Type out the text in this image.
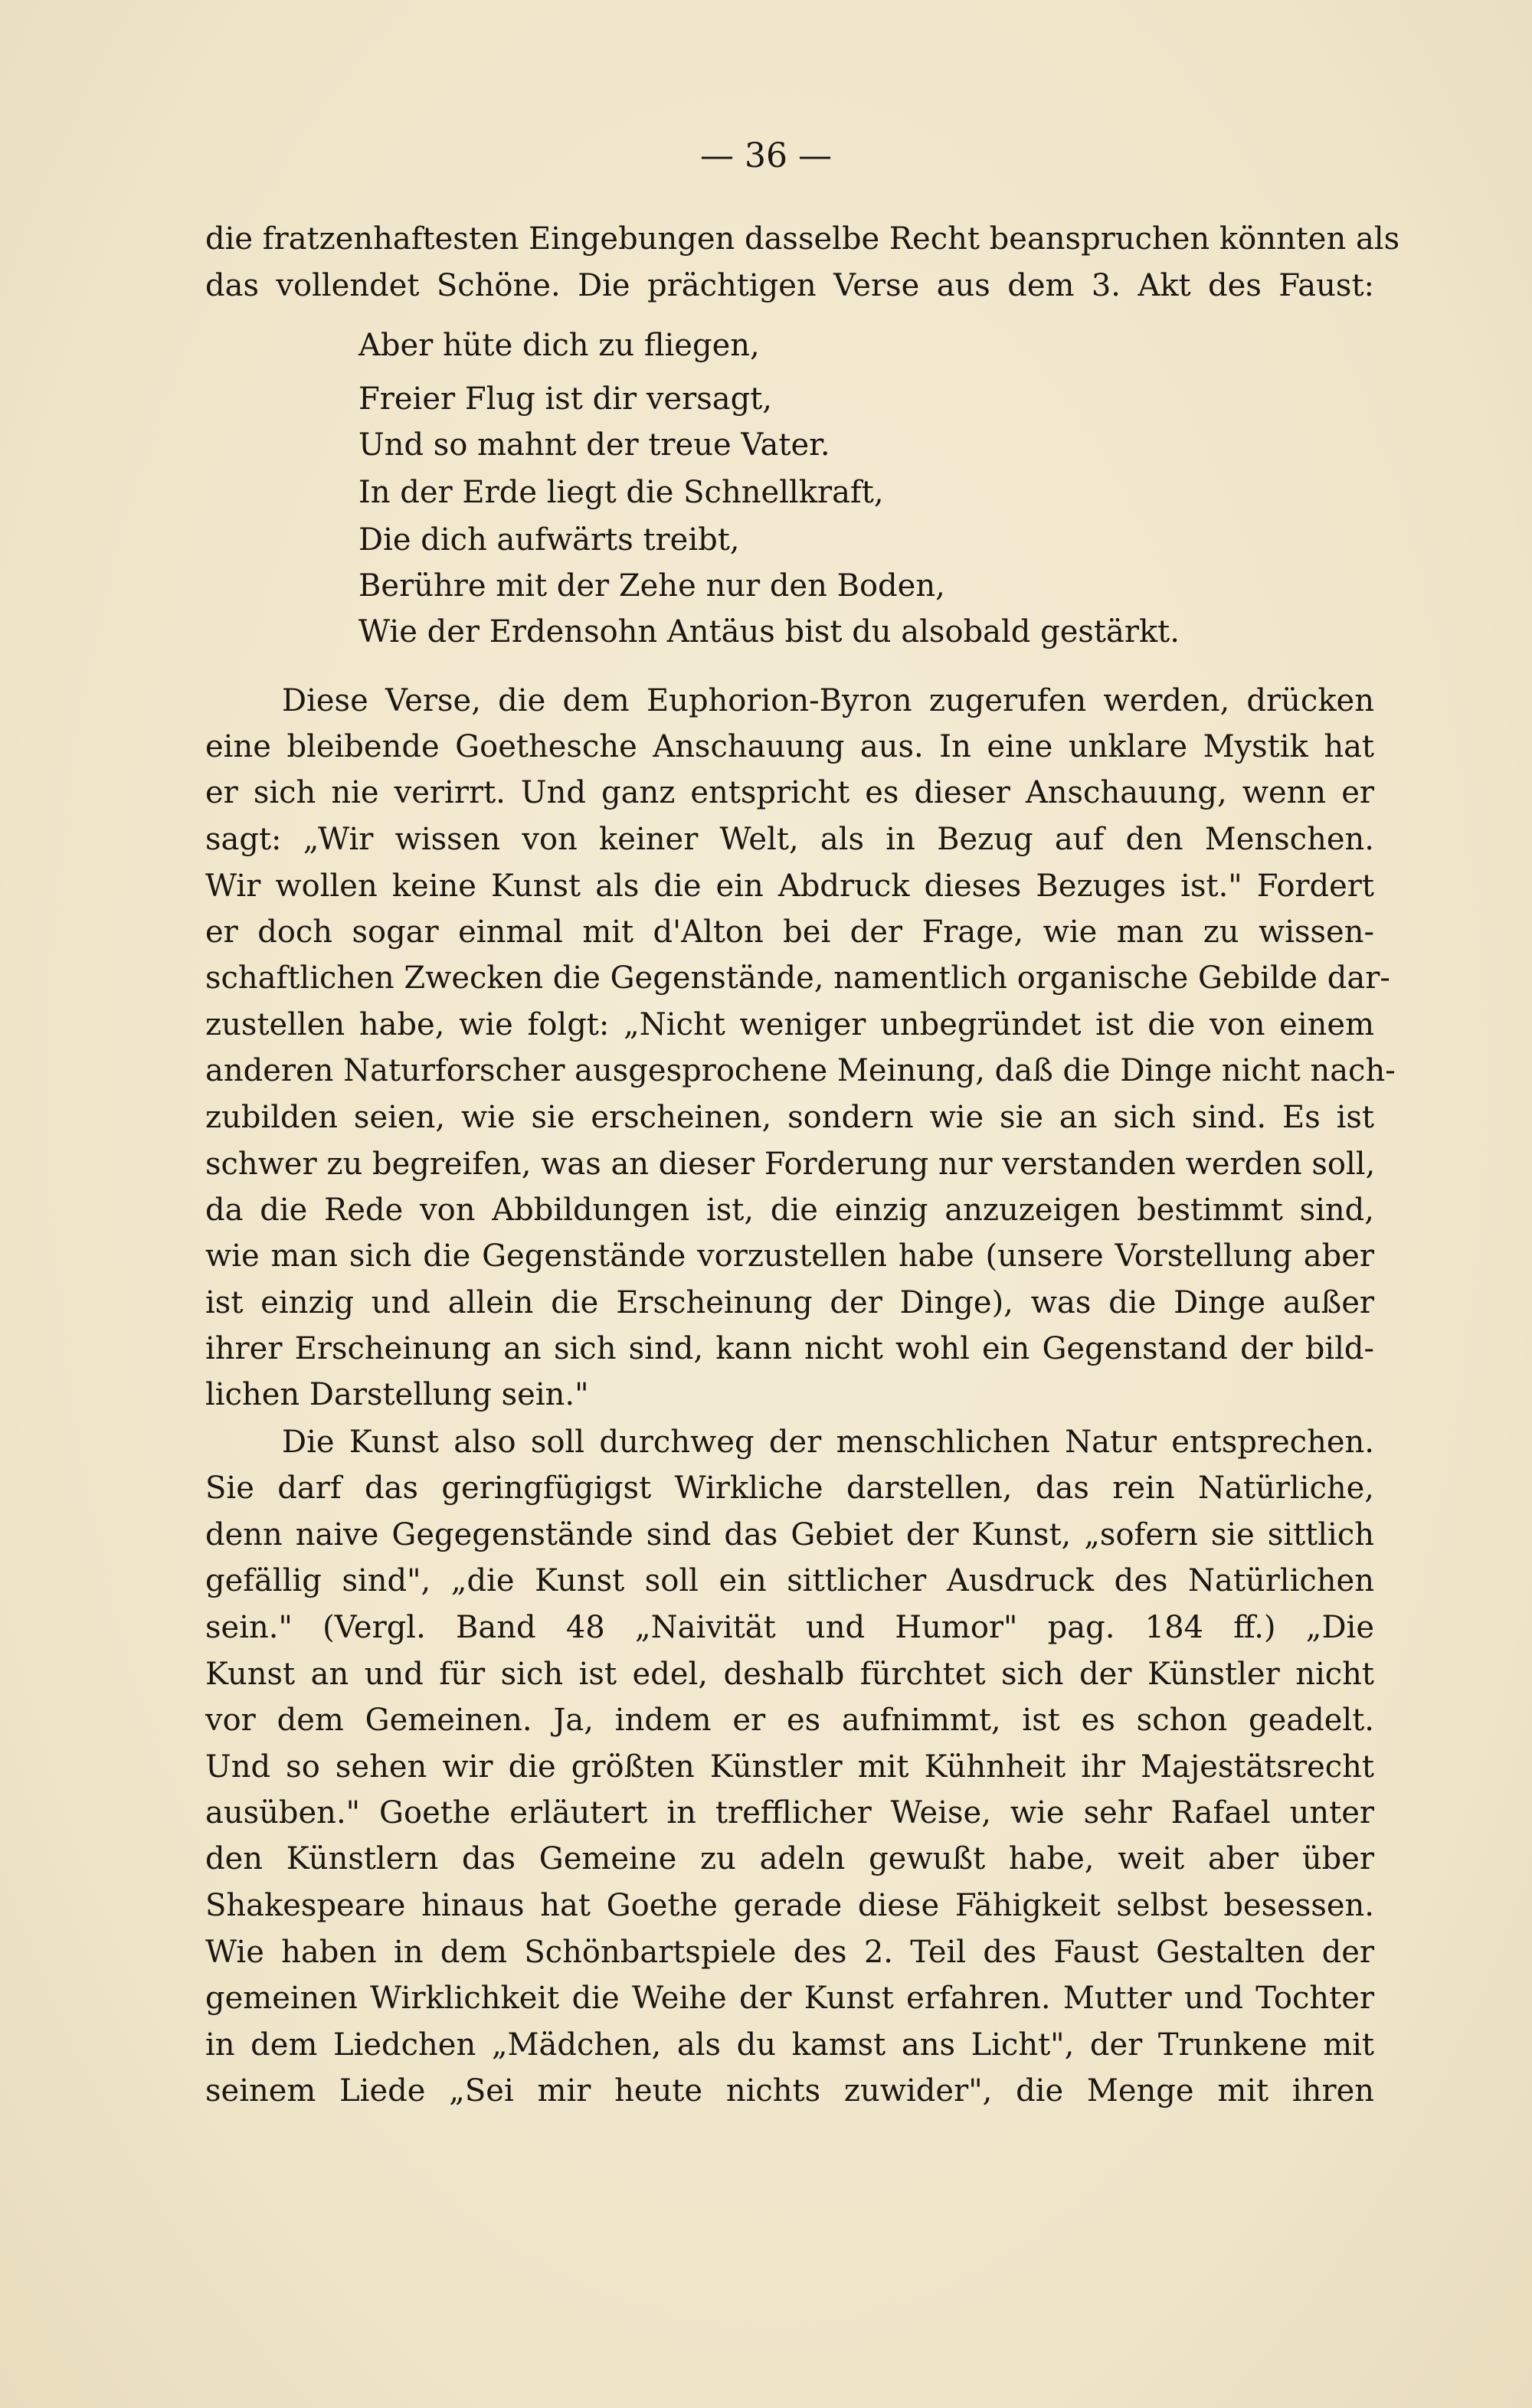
— 36 —
die fratzenhaftesten Eingebungen dasselbe Recht beanspruchen könnten als
das vollendet Schöne. Die prächtigen Verse aus dem 3. Akt des Faust:
Aber hüte dich zu fliegen,
Freier Flug ist dir versagt,
Und so mahnt der treue Vater.
In der Erde liegt die Schnellkraft,
Die dich aufwärts treibt,
Berühre mit der Zehe nur den Boden,
Wie der Erdensohn Antäus bist du alsobald gestärkt.
Diese Verse, die dem Euphorion-Byron zugerufen werden, drücken
eine bleibende Goethesche Anschauung aus. In eine unklare Mystik hat
er sich nie verirrt. Und ganz entspricht es dieser Anschauung, wenn er
sagt: „Wir wissen von keiner Welt, als in Bezug auf den Menschen.
Wir wollen keine Kunst als die ein Abdruck dieses Bezuges ist." Fordert
er doch sogar einmal mit d'Alton bei der Frage, wie man zu wissen-
schaftlichen Zwecken die Gegenstände, namentlich organische Gebilde dar-
zustellen habe, wie folgt: „Nicht weniger unbegründet ist die von einem
anderen Naturforscher ausgesprochene Meinung, daß die Dinge nicht nach-
zubilden seien, wie sie erscheinen, sondern wie sie an sich sind. Es ist
schwer zu begreifen, was an dieser Forderung nur verstanden werden soll,
da die Rede von Abbildungen ist, die einzig anzuzeigen bestimmt sind,
wie man sich die Gegenstände vorzustellen habe (unsere Vorstellung aber
ist einzig und allein die Erscheinung der Dinge), was die Dinge außer
ihrer Erscheinung an sich sind, kann nicht wohl ein Gegenstand der bild-
lichen Darstellung sein."
Die Kunst also soll durchweg der menschlichen Natur entsprechen.
Sie darf das geringfügigst Wirkliche darstellen, das rein Natürliche,
denn naive Gegegenstände sind das Gebiet der Kunst, „sofern sie sittlich
gefällig sind", „die Kunst soll ein sittlicher Ausdruck des Natürlichen
sein." (Vergl. Band 48 „Naivität und Humor" pag. 184 ff.) „Die
Kunst an und für sich ist edel, deshalb fürchtet sich der Künstler nicht
vor dem Gemeinen. Ja, indem er es aufnimmt, ist es schon geadelt.
Und so sehen wir die größten Künstler mit Kühnheit ihr Majestätsrecht
ausüben." Goethe erläutert in trefflicher Weise, wie sehr Rafael unter
den Künstlern das Gemeine zu adeln gewußt habe, weit aber über
Shakespeare hinaus hat Goethe gerade diese Fähigkeit selbst besessen.
Wie haben in dem Schönbartspiele des 2. Teil des Faust Gestalten der
gemeinen Wirklichkeit die Weihe der Kunst erfahren. Mutter und Tochter
in dem Liedchen „Mädchen, als du kamst ans Licht", der Trunkene mit
seinem Liede „Sei mir heute nichts zuwider", die Menge mit ihren
